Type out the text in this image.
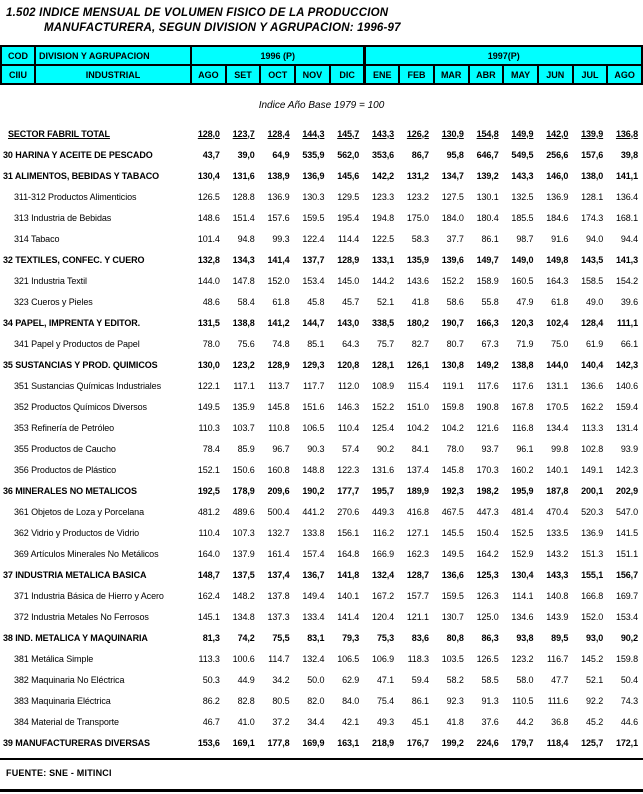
1.502 INDICE MENSUAL DE VOLUMEN FISICO DE LA PRODUCCION
MANUFACTURERA, SEGUN DIVISION Y AGRUPACION: 1996-97
COD	DIVISION Y AGRUPACION	1996 (P)	1997(P)
CIIU	INDUSTRIAL	AGO	SET	OCT	NOV	DIC	ENE	FEB	MAR	ABR	MAY	JUN	JUL	AGO
Indice Año Base 1979 = 100
SECTOR FABRIL TOTAL	128,0	123,7	128,4	144,3	145,7	143,3	126,2	130,9	154,8	149,9	142,0	139,9	136,8
30 HARINA Y ACEITE DE PESCADO	43,7	39,0	64,9	535,9	562,0	353,6	86,7	95,8	646,7	549,5	256,6	157,6	39,8
31 ALIMENTOS, BEBIDAS Y TABACO	130,4	131,6	138,9	136,9	145,6	142,2	131,2	134,7	139,2	143,3	146,0	138,0	141,1
311-312 Productos Alimenticios	126.5	128.8	136.9	130.3	129.5	123.3	123.2	127.5	130.1	132.5	136.9	128.1	136.4
313 Industria de Bebidas	148.6	151.4	157.6	159.5	195.4	194.8	175.0	184.0	180.4	185.5	184.6	174.3	168.1
314 Tabaco	101.4	94.8	99.3	122.4	114.4	122.5	58.3	37.7	86.1	98.7	91.6	94.0	94.4
32 TEXTILES, CONFEC. Y CUERO	132,8	134,3	141,4	137,7	128,9	133,1	135,9	139,6	149,7	149,0	149,8	143,5	141,3
321 Industria Textil	144.0	147.8	152.0	153.4	145.0	144.2	143.6	152.2	158.9	160.5	164.3	158.5	154.2
323 Cueros y Pieles	48.6	58.4	61.8	45.8	45.7	52.1	41.8	58.6	55.8	47.9	61.8	49.0	39.6
34 PAPEL, IMPRENTA Y EDITOR.	131,5	138,8	141,2	144,7	143,0	338,5	180,2	190,7	166,3	120,3	102,4	128,4	111,1
341 Papel y Productos de Papel	78.0	75.6	74.8	85.1	64.3	75.7	82.7	80.7	67.3	71.9	75.0	61.9	66.1
35 SUSTANCIAS Y PROD. QUIMICOS	130,0	123,2	128,9	129,3	120,8	128,1	126,1	130,8	149,2	138,8	144,0	140,4	142,3
351 Sustancias Químicas Industriales	122.1	117.1	113.7	117.7	112.0	108.9	115.4	119.1	117.6	117.6	131.1	136.6	140.6
352 Productos Químicos Diversos	149.5	135.9	145.8	151.6	146.3	152.2	151.0	159.8	190.8	167.8	170.5	162.2	159.4
353 Refinería de Petróleo	110.3	103.7	110.8	106.5	110.4	125.4	104.2	104.2	121.6	116.8	134.4	113.3	131.4
355 Productos de Caucho	78.4	85.9	96.7	90.3	57.4	90.2	84.1	78.0	93.7	96.1	99.8	102.8	93.9
356 Productos de Plástico	152.1	150.6	160.8	148.8	122.3	131.6	137.4	145.8	170.3	160.2	140.1	149.1	142.3
36 MINERALES NO METALICOS	192,5	178,9	209,6	190,2	177,7	195,7	189,9	192,3	198,2	195,9	187,8	200,1	202,9
361 Objetos de Loza y Porcelana	481.2	489.6	500.4	441.2	270.6	449.3	416.8	467.5	447.3	481.4	470.4	520.3	547.0
362 Vidrio y Productos de Vidrio	110.4	107.3	132.7	133.8	156.1	116.2	127.1	145.5	150.4	152.5	133.5	136.9	141.5
369 Artículos Minerales No Metálicos	164.0	137.9	161.4	157.4	164.8	166.9	162.3	149.5	164.2	152.9	143.2	151.3	151.1
37 INDUSTRIA METALICA BASICA	148,7	137,5	137,4	136,7	141,8	132,4	128,7	136,6	125,3	130,4	143,3	155,1	156,7
371 Industria Básica de Hierro y Acero	162.4	148.2	137.8	149.4	140.1	167.2	157.7	159.5	126.3	114.1	140.8	166.8	169.7
372 Industria Metales No Ferrosos	145.1	134.8	137.3	133.4	141.4	120.4	121.1	130.7	125.0	134.6	143.9	152.0	153.4
38 IND. METALICA Y MAQUINARIA	81,3	74,2	75,5	83,1	79,3	75,3	83,6	80,8	86,3	93,8	89,5	93,0	90,2
381 Metálica Simple	113.3	100.6	114.7	132.4	106.5	106.9	118.3	103.5	126.5	123.2	116.7	145.2	159.8
382 Maquinaria No Eléctrica	50.3	44.9	34.2	50.0	62.9	47.1	59.4	58.2	58.5	58.0	47.7	52.1	50.4
383 Maquinaria Eléctrica	86.2	82.8	80.5	82.0	84.0	75.4	86.1	92.3	91.3	110.5	111.6	92.2	74.3
384 Material de Transporte	46.7	41.0	37.2	34.4	42.1	49.3	45.1	41.8	37.6	44.2	36.8	45.2	44.6
39 MANUFACTURERAS DIVERSAS	153,6	169,1	177,8	169,9	163,1	218,9	176,7	199,2	224,6	179,7	118,4	125,7	172,1
FUENTE: SNE - MITINCI
